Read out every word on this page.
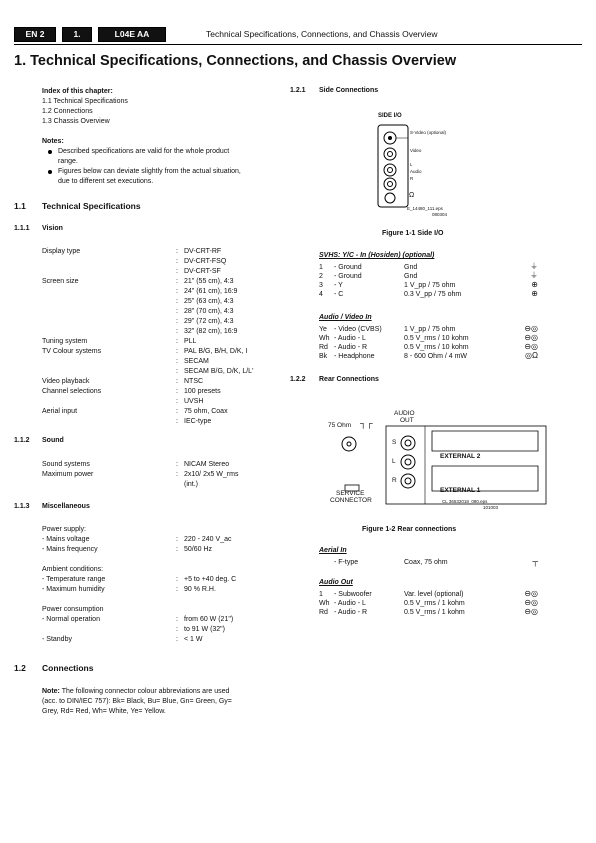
EN 2	1.	L04E AA	Technical Specifications, Connections, and Chassis Overview
1. Technical Specifications, Connections, and Chassis Overview
Index of this chapter:
1.1 Technical Specifications
1.2 Connections
1.3 Chassis Overview
Notes:
Described specifications are valid for the whole product
range.
Figures below can deviate slightly from the actual situation,
due to different set executions.
1.1 Technical Specifications
1.1.1 Vision
Display type	: DV-CRT-RF
: DV-CRT-FSQ
: DV-CRT-SF
Screen size	: 21" (55 cm), 4:3
: 24" (61 cm), 16:9
: 25" (63 cm), 4:3
: 28" (70 cm), 4:3
: 29" (72 cm), 4:3
: 32" (82 cm), 16:9
Tuning system	: PLL
TV Colour systems	: PAL B/G, B/H, D/K, I
: SECAM
: SECAM B/G, D/K, L/L'
Video playback	: NTSC
Channel selections	: 100 presets
: UVSH
Aerial input	: 75 ohm, Coax
: IEC-type
1.1.2 Sound
Sound systems	: NICAM Stereo
Maximum power	: 2x10/ 2x5 W_rms
(int.)
1.1.3 Miscellaneous
Power supply:
- Mains voltage	: 220 - 240 V_ac
- Mains frequency	: 50/60 Hz
Ambient conditions:
- Temperature range	: +5 to +40 deg. C
- Maximum humidity	: 90 % R.H.
Power consumption
- Normal operation	: from 60 W (21")
: to 91 W (32")
- Standby	: < 1 W
1.2 Connections
Note: The following connector colour abbreviations are used
(acc. to DIN/IEC 757): Bk= Black, Bu= Blue, Gn= Green, Gy=
Grey, Rd= Red, Wh= White, Ye= Yellow.
1.2.1 Side Connections
SIDE I/O
S-Video (optional)
Video
L
Audio
R
Ω
E_14480_111.eps
080304
Figure 1-1 Side I/O
SVHS: Y/C - In (Hosiden) (optional)
1 - Ground	Gnd	⏚
2 - Ground	Gnd	⏚
3 - Y	1 V_pp / 75 ohm	⊕
4 - C	0.3 V_pp / 75 ohm	⊕
Audio / Video In
Ye - Video (CVBS)	1 V_pp / 75 ohm	⊖◎
Wh - Audio - L	0.5 V_rms / 10 kohm	⊖◎
Rd - Audio - R	0.5 V_rms / 10 kohm	⊖◎
Bk - Headphone	8 - 600 Ohm / 4 mW	◎Ω
1.2.2 Rear Connections
75 Ohm ┐┌
AUDIO
OUT
S
L
R
EXTERNAL 2
EXTERNAL 1
SERVICE
CONNECTOR	CL 36532018_080.eps
101003
Figure 1-2 Rear connections
Aerial In
- F-type	Coax, 75 ohm	┬
Audio Out
1 - Subwoofer	Var. level (optional)	⊖◎
Wh - Audio - L	0.5 V_rms / 1 kohm	⊖◎
Rd - Audio - R	0.5 V_rms / 1 kohm	⊖◎
